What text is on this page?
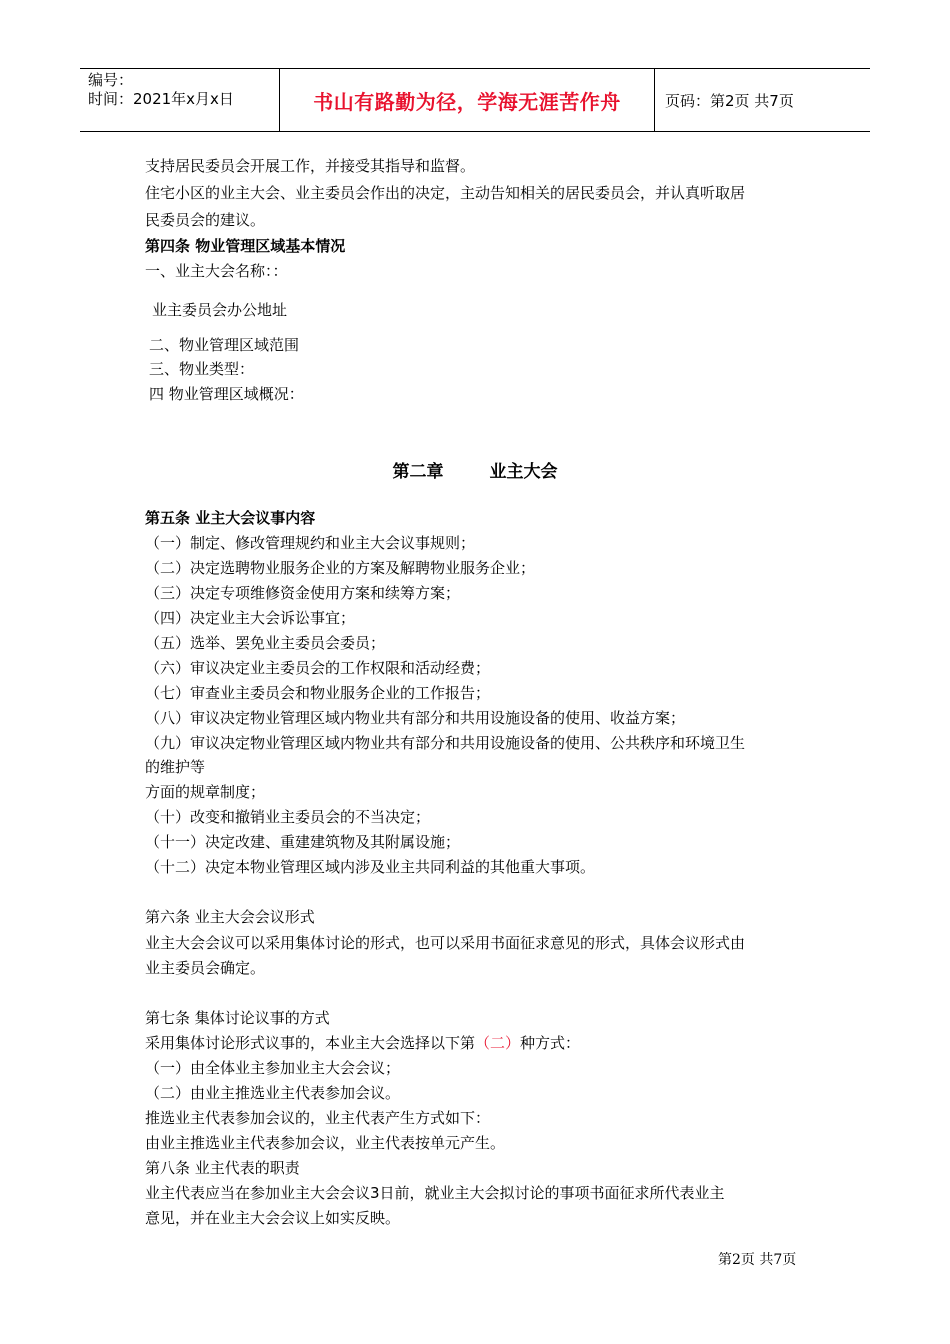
编号：
时间：2021年x月x日	书山有路勤为径，学海无涯苦作舟	页码：第2页 共7页
支持居民委员会开展工作，并接受其指导和监督。
住宅小区的业主大会、业主委员会作出的决定，主动告知相关的居民委员会，并认真听取居
民委员会的建议。
第四条 物业管理区域基本情况
一、业主大会名称：：
业主委员会办公地址
二、物业管理区域范围
三、物业类型：
四 物业管理区域概况：
第二章 业主大会
第五条 业主大会议事内容
（一）制定、修改管理规约和业主大会议事规则；
（二）决定选聘物业服务企业的方案及解聘物业服务企业；
（三）决定专项维修资金使用方案和续筹方案；
（四）决定业主大会诉讼事宜；
（五）选举、罢免业主委员会委员；
（六）审议决定业主委员会的工作权限和活动经费；
（七）审查业主委员会和物业服务企业的工作报告；
（八）审议决定物业管理区域内物业共有部分和共用设施设备的使用、收益方案；
（九）审议决定物业管理区域内物业共有部分和共用设施设备的使用、公共秩序和环境卫生
的维护等
方面的规章制度；
（十）改变和撤销业主委员会的不当决定；
（十一）决定改建、重建建筑物及其附属设施；
（十二）决定本物业管理区域内涉及业主共同利益的其他重大事项。
第六条 业主大会会议形式
业主大会会议可以采用集体讨论的形式，也可以采用书面征求意见的形式，具体会议形式由
业主委员会确定。
第七条 集体讨论议事的方式
采用集体讨论形式议事的，本业主大会选择以下第（二）种方式：
（一）由全体业主参加业主大会会议；
（二）由业主推选业主代表参加会议。
推选业主代表参加会议的，业主代表产生方式如下：
由业主推选业主代表参加会议，业主代表按单元产生。
第八条 业主代表的职责
业主代表应当在参加业主大会会议3日前，就业主大会拟讨论的事项书面征求所代表业主
意见，并在业主大会会议上如实反映。
第2页 共7页
